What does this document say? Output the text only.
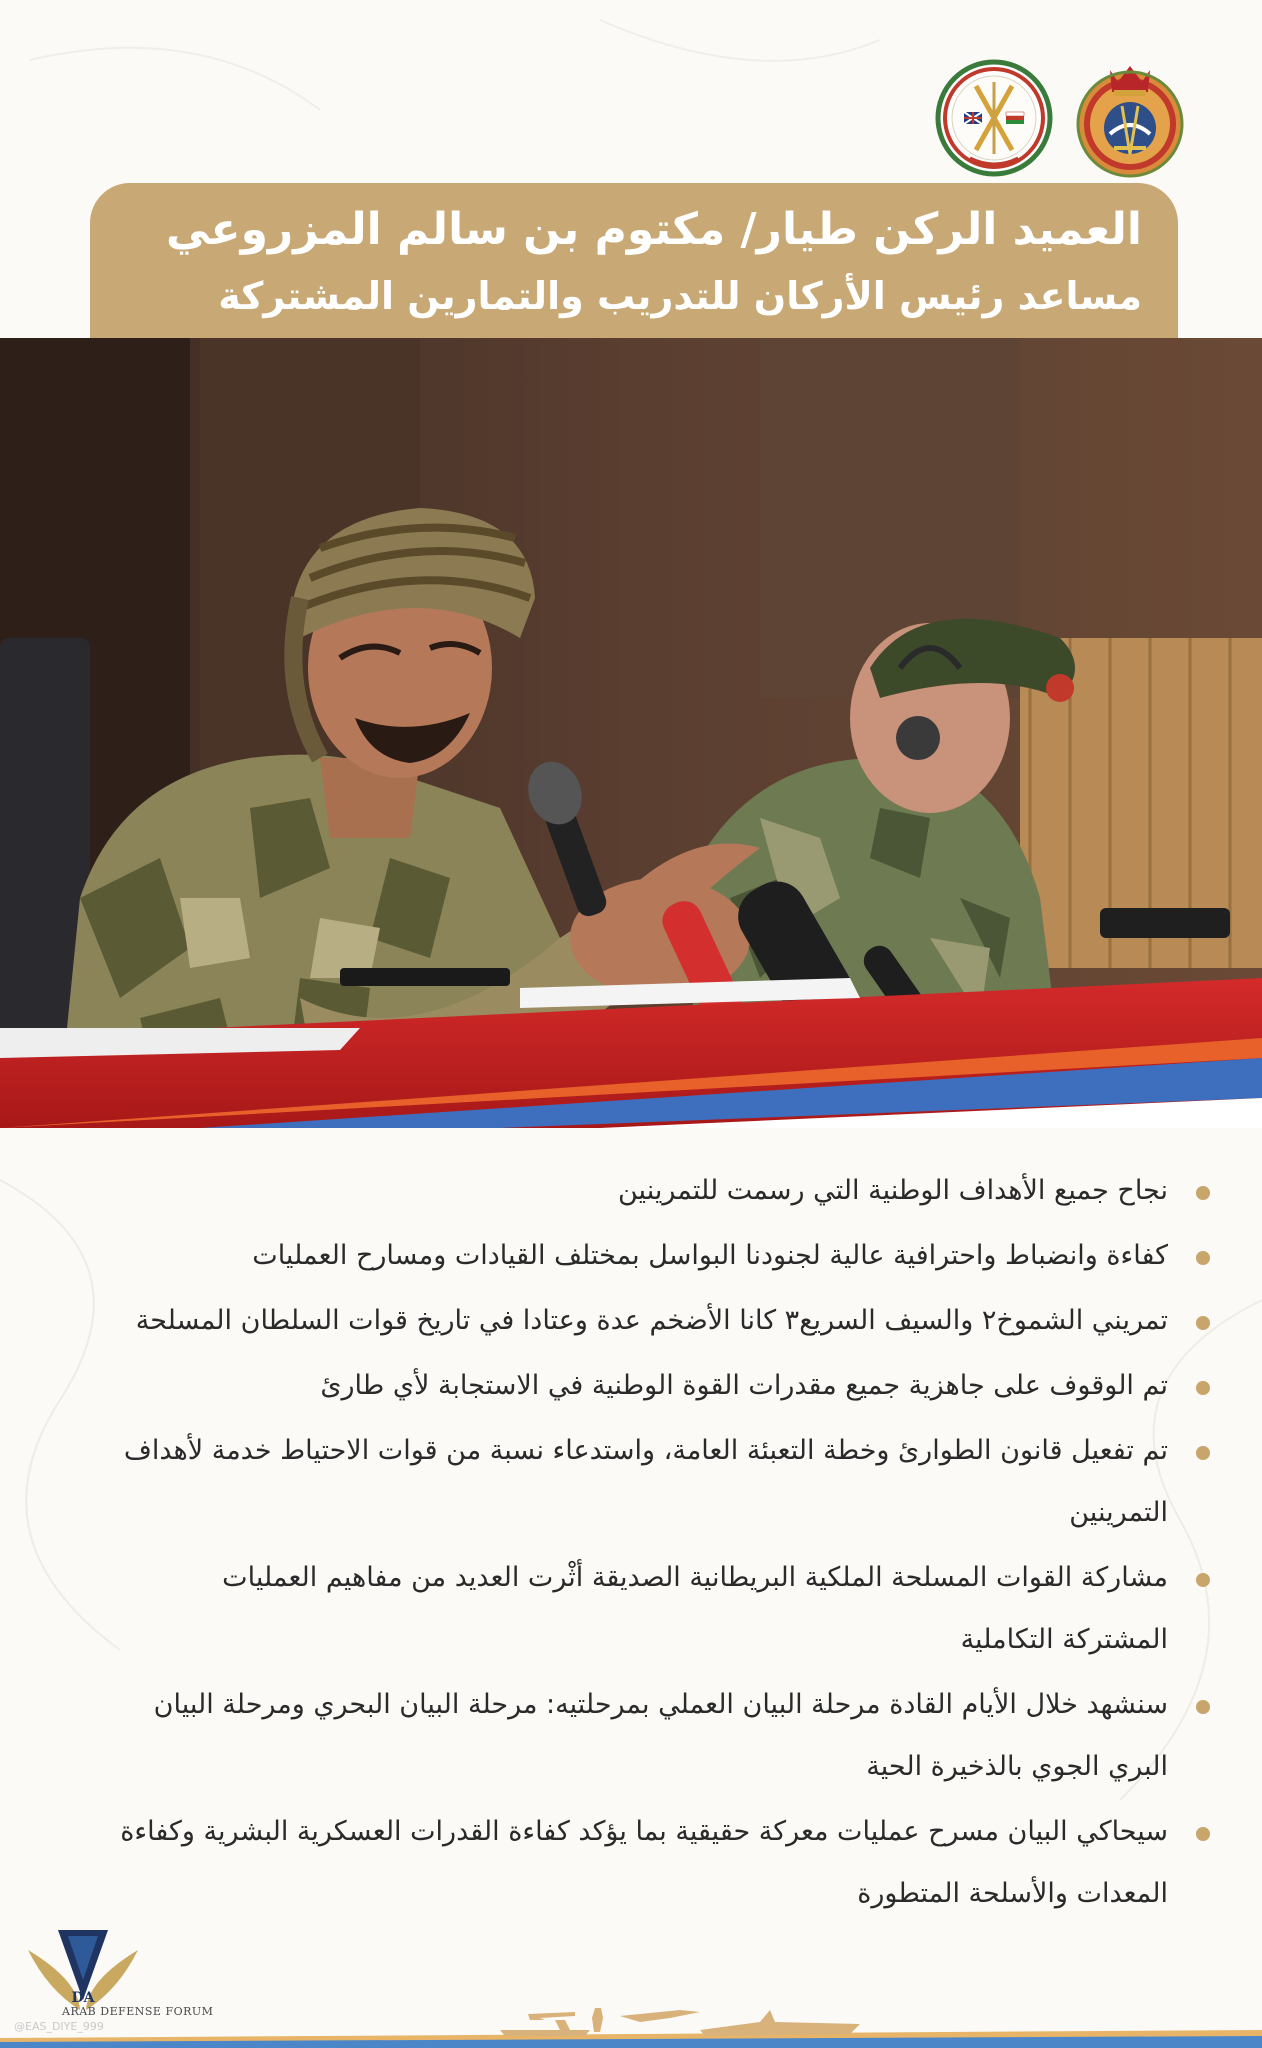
العميد الركن طيار/ مكتوم بن سالم المزروعي
مساعد رئيس الأركان للتدريب والتمارين المشتركة
نجاح جميع الأهداف الوطنية التي رسمت للتمرينين
كفاءة وانضباط واحترافية عالية لجنودنا البواسل بمختلف القيادات ومسارح العمليات
تمريني الشموخ٢ والسيف السريع٣ كانا الأضخم عدة وعتادا في تاريخ قوات السلطان المسلحة
تم الوقوف على جاهزية جميع مقدرات القوة الوطنية في الاستجابة لأي طارئ
تم تفعيل قانون الطوارئ وخطة التعبئة العامة، واستدعاء نسبة من قوات الاحتياط خدمة لأهداف التمرينين
مشاركة القوات المسلحة الملكية البريطانية الصديقة أثْرت العديد من مفاهيم العمليات المشتركة التكاملية
سنشهد خلال الأيام القادة مرحلة البيان العملي بمرحلتيه: مرحلة البيان البحري ومرحلة البيان البري الجوي بالذخيرة الحية
سيحاكي البيان مسرح عمليات معركة حقيقية بما يؤكد كفاءة القدرات العسكرية البشرية وكفاءة المعدات والأسلحة المتطورة
DA
ARAB DEFENSE FORUM
@EAS_DIYE_999
